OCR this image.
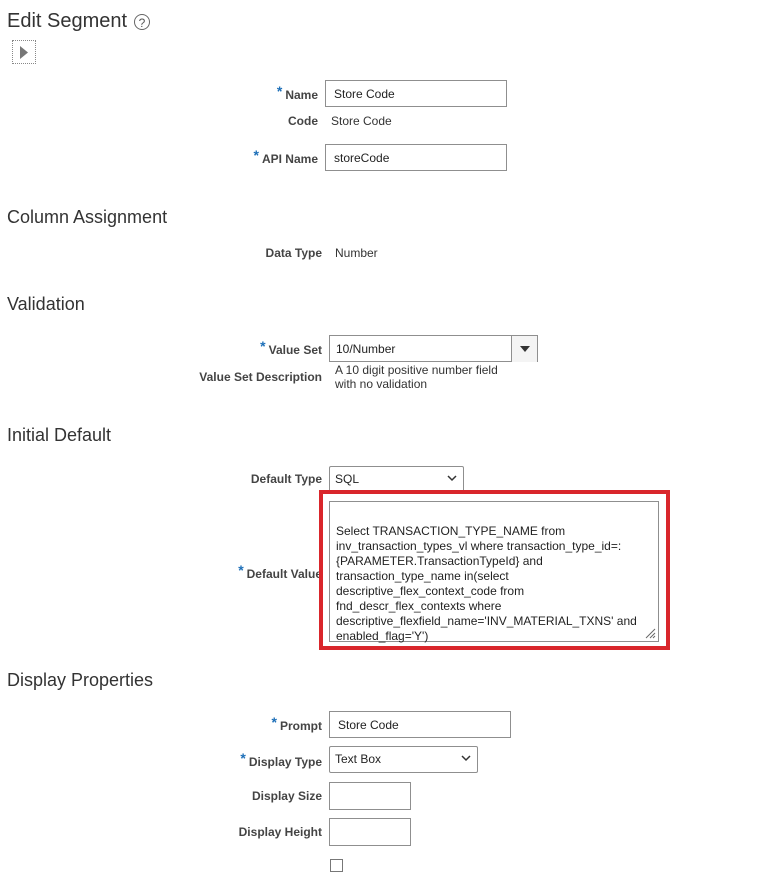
Edit Segment ?
* Name	Store Code
Code Store Code
* API Name	storeCode
Column Assignment
Data Type Number
Validation
* Value Set	10/Number
Value Set Description A 10 digit positive number field
with no validation
Initial Default
Default Type	SQL
* Default Value

Select TRANSACTION_TYPE_NAME from
inv_transaction_types_vl where transaction_type_id=:
{PARAMETER.TransactionTypeId} and
transaction_type_name in(select
descriptive_flex_context_code from
fnd_descr_flex_contexts where
descriptive_flexfield_name='INV_MATERIAL_TXNS' and
enabled_flag='Y')

Display Properties
* Prompt	Store Code
* Display Type	Text Box
Display Size
Display Height
